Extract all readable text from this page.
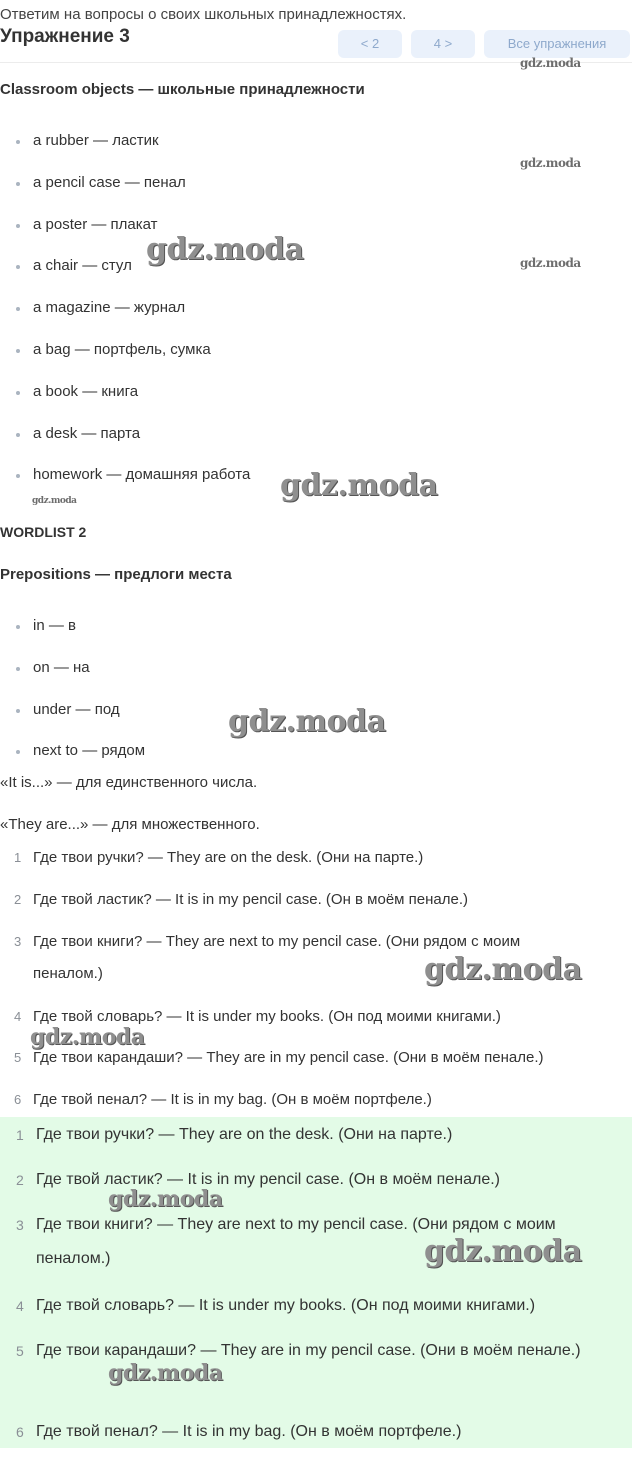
Упражнение 3	< 2	4 >	Все упражнения
Ответим на вопросы о своих школьных принадлежностях.
Classroom objects — школьные принадлежности
a rubber — ластик
a pencil case — пенал
a poster — плакат
a chair — стул
a magazine — журнал
a bag — портфель, сумка
a book — книга
a desk — парта
homework — домашняя работа
WORDLIST 2
Prepositions — предлоги места
in — в
on — на
under — под
next to — рядом
«It is...» — для единственного числа.
«They are...» — для множественного.
1 Где твои ручки? — They are on the desk. (Они на парте.)
2 Где твой ластик? — It is in my pencil case. (Он в моём пенале.)
3 Где твои книги? — They are next to my pencil case. (Они рядом с моим пеналом.)
4 Где твой словарь? — It is under my books. (Он под моими книгами.)
5 Где твои карандаши? — They are in my pencil case. (Они в моём пенале.)
6 Где твой пенал? — It is in my bag. (Он в моём портфеле.)
1 Где твои ручки? — They are on the desk. (Они на парте.)
2 Где твой ластик? — It is in my pencil case. (Он в моём пенале.)
3 Где твои книги? — They are next to my pencil case. (Они рядом с моим пеналом.)
4 Где твой словарь? — It is under my books. (Он под моими книгами.)
5 Где твои карандаши? — They are in my pencil case. (Они в моём пенале.)
6 Где твой пенал? — It is in my bag. (Он в моём портфеле.)
gdz.moda
gdz.moda
gdz.moda
gdz.moda
gdz.moda
gdz.moda
gdz.moda
gdz.moda
gdz.moda
gdz.moda
gdz.moda
gdz.moda
